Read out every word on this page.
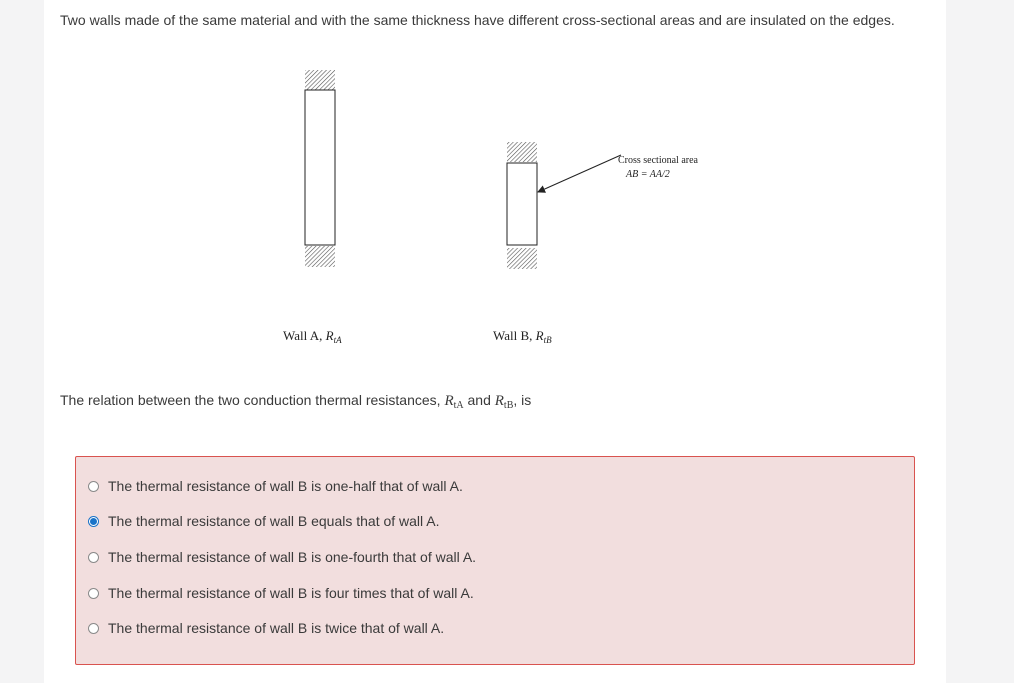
Two walls made of the same material and with the same thickness have different cross-sectional areas and are insulated on the edges.

Wall A, $R_{tA}$	Wall B, $R_{tB}$
Cross sectional area
AB = AA/2
The relation between the two conduction thermal resistances, $R_{tA}$ and $R_{tB}$, is
The thermal resistance of wall B is one-half that of wall A.
The thermal resistance of wall B equals that of wall A.
The thermal resistance of wall B is one-fourth that of wall A.
The thermal resistance of wall B is four times that of wall A.
The thermal resistance of wall B is twice that of wall A.
